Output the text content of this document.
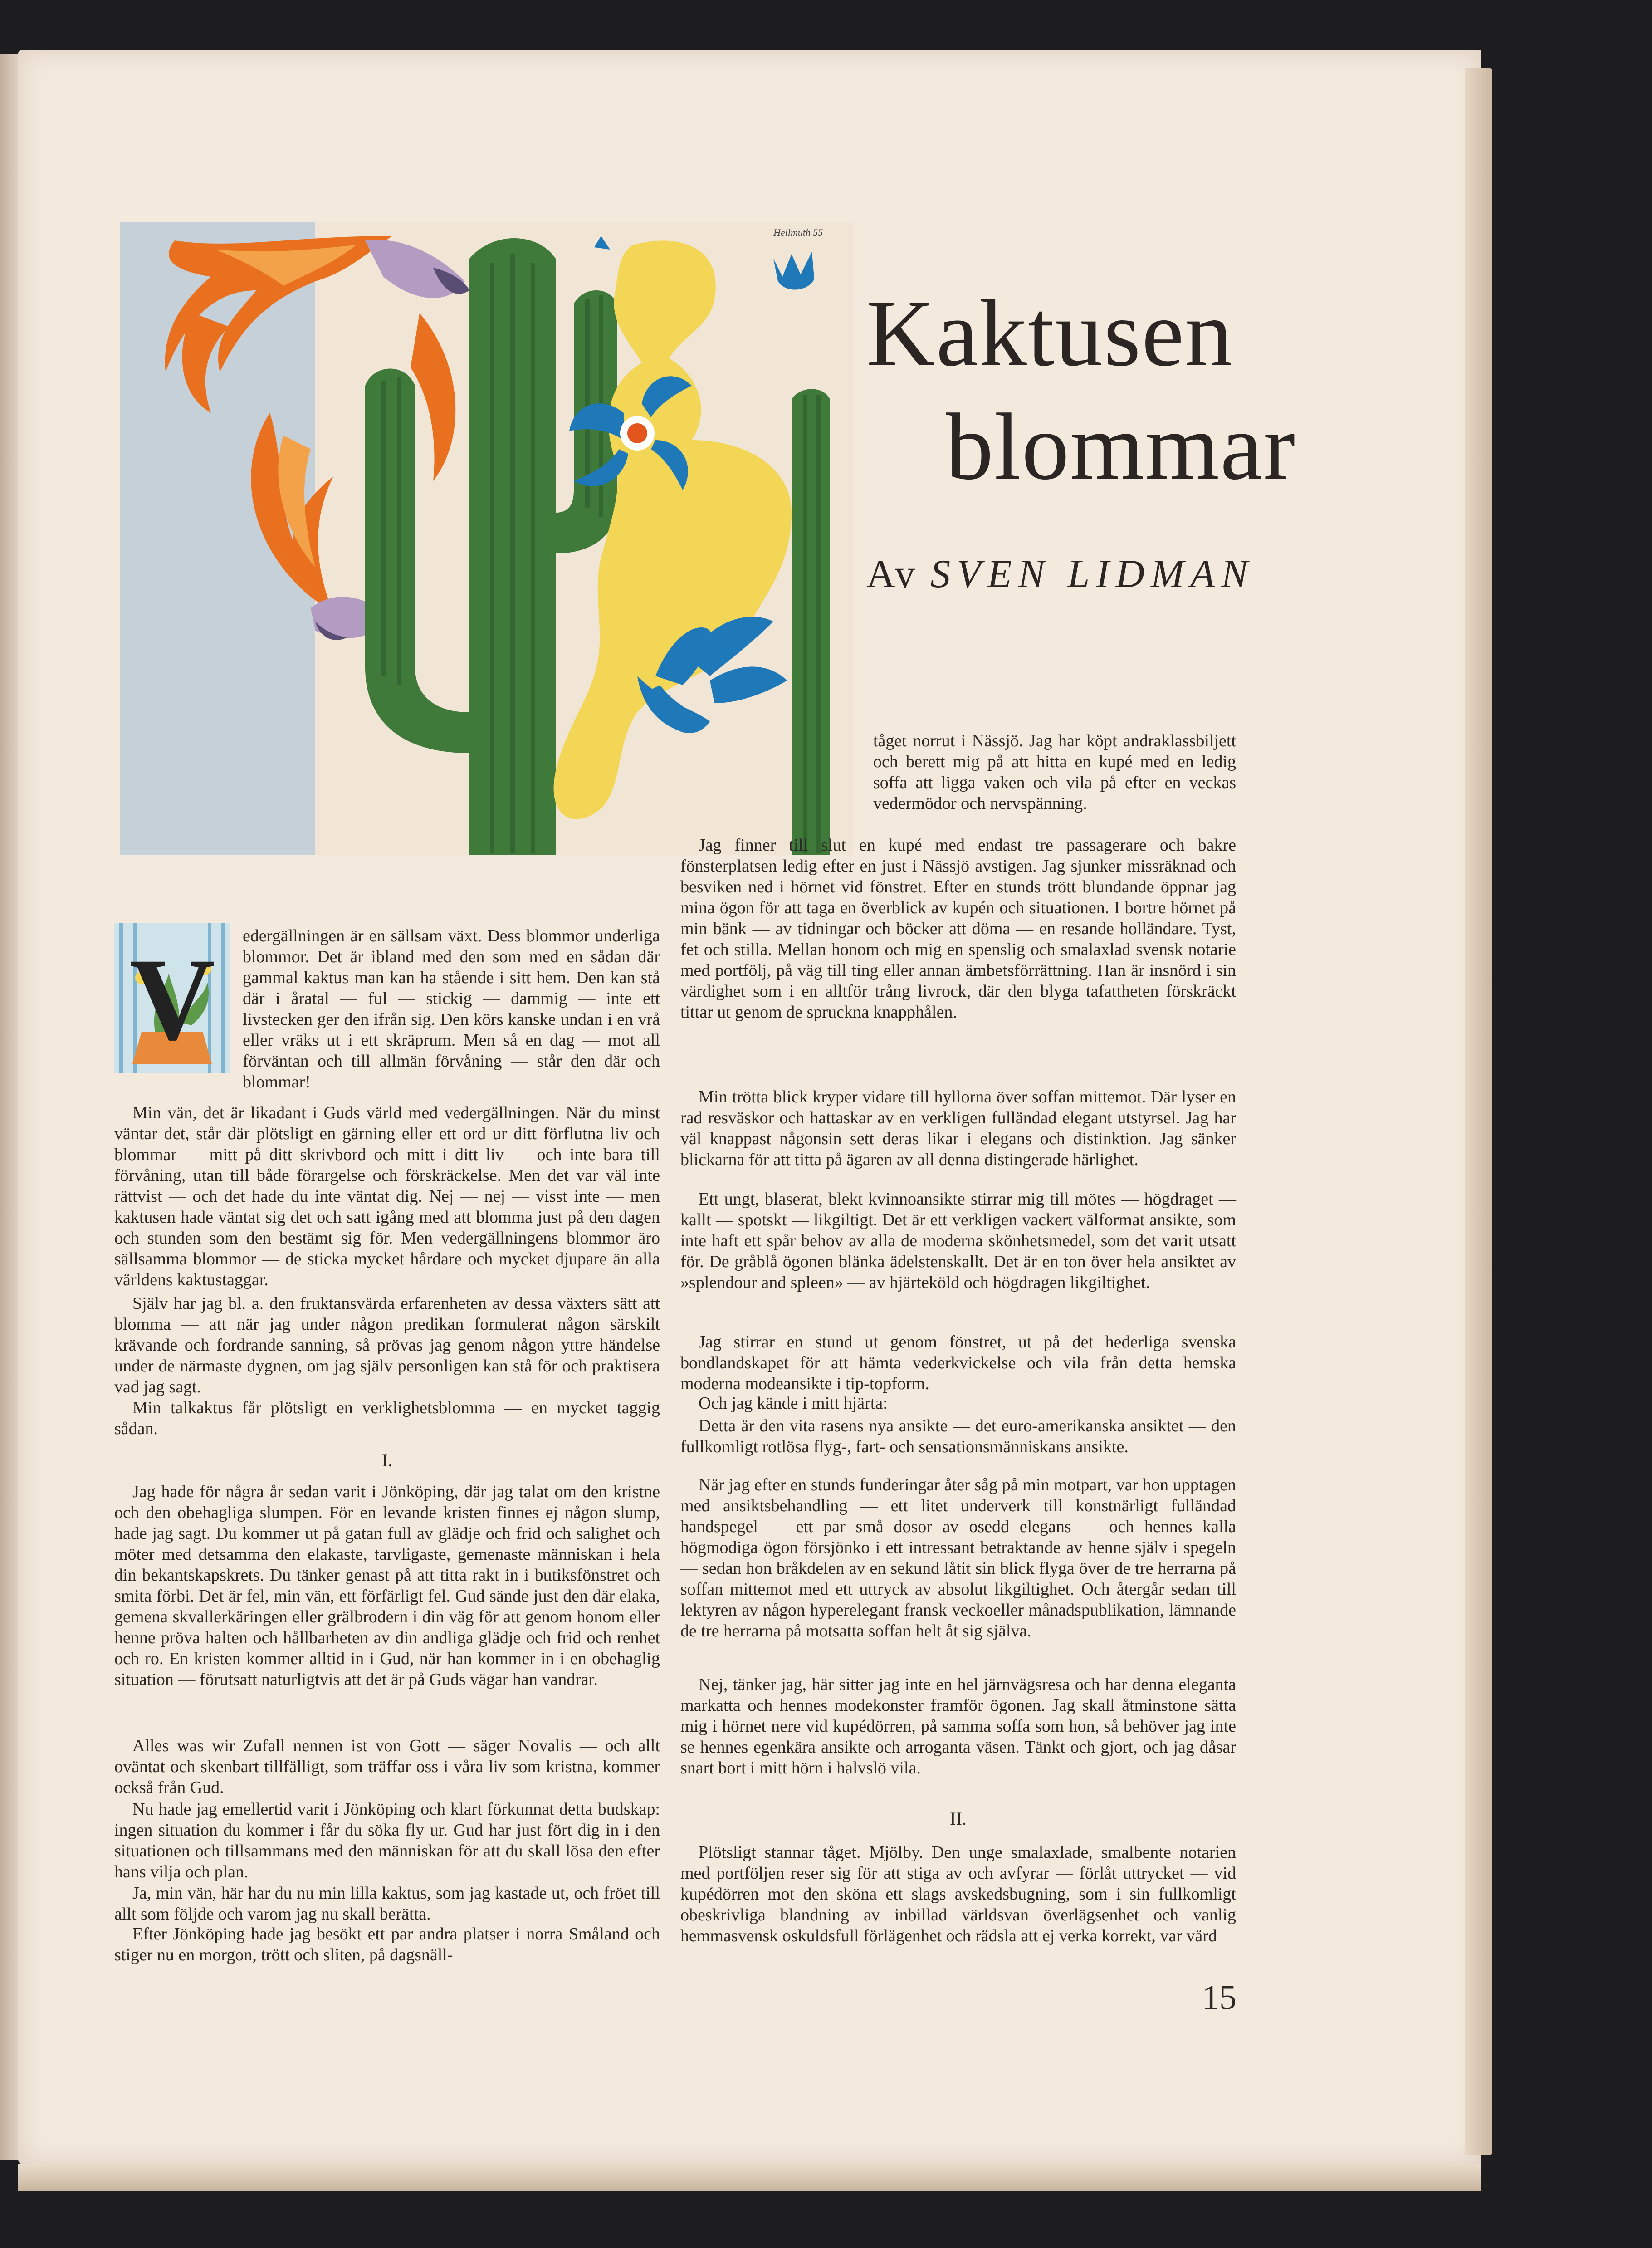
Hellmuth 55
Kaktusen
blommar
Av SVEN LIDMAN
V edergällningen är en sällsam växt. Dess blommor underliga blommor. Det är ibland med den som med en sådan där gammal kaktus man kan ha stående i sitt hem. Den kan stå där i åratal — ful — stickig — dammig — inte ett livstecken ger den ifrån sig. Den körs kanske undan i en vrå eller vräks ut i ett skräprum. Men så en dag — mot all förväntan och till allmän förvåning — står den där och blommar!

Min vän, det är likadant i Guds värld med vedergällningen. När du minst väntar det, står där plötsligt en gärning eller ett ord ur ditt förflutna liv och blommar — mitt på ditt skrivbord och mitt i ditt liv — och inte bara till förvåning, utan till både förargelse och förskräckelse. Men det var väl inte rättvist — och det hade du inte väntat dig. Nej — nej — visst inte — men kaktusen hade väntat sig det och satt igång med att blomma just på den dagen och stunden som den bestämt sig för. Men vedergällningens blommor äro sällsamma blommor — de sticka mycket hårdare och mycket djupare än alla världens kaktustaggar.

Själv har jag bl. a. den fruktansvärda erfarenheten av dessa växters sätt att blomma — att när jag under någon predikan formulerat någon särskilt krävande och fordrande sanning, så prövas jag genom någon yttre händelse under de närmaste dygnen, om jag själv personligen kan stå för och praktisera vad jag sagt.

Min talkaktus får plötsligt en verklighetsblomma — en mycket taggig sådan.

I.

Jag hade för några år sedan varit i Jönköping, där jag talat om den kristne och den obehagliga slumpen. För en levande kristen finnes ej någon slump, hade jag sagt. Du kommer ut på gatan full av glädje och frid och salighet och möter med detsamma den elakaste, tarvligaste, gemenaste människan i hela din bekantskapskrets. Du tänker genast på att titta rakt in i butiksfönstret och smita förbi. Det är fel, min vän, ett förfärligt fel. Gud sände just den där elaka, gemena skvallerkäringen eller grälbrodern i din väg för att genom honom eller henne pröva halten och hållbarheten av din andliga glädje och frid och renhet och ro. En kristen kommer alltid in i Gud, när han kommer in i en obehaglig situation — förutsatt naturligtvis att det är på Guds vägar han vandrar.

Alles was wir Zufall nennen ist von Gott — säger Novalis — och allt oväntat och skenbart tillfälligt, som träffar oss i våra liv som kristna, kommer också från Gud.

Nu hade jag emellertid varit i Jönköping och klart förkunnat detta budskap: ingen situation du kommer i får du söka fly ur. Gud har just fört dig in i den situationen och tillsammans med den människan för att du skall lösa den efter hans vilja och plan.

Ja, min vän, här har du nu min lilla kaktus, som jag kastade ut, och fröet till allt som följde och varom jag nu skall berätta.

Efter Jönköping hade jag besökt ett par andra platser i norra Småland och stiger nu en morgon, trött och sliten, på dagsnäll-

tåget norrut i Nässjö. Jag har köpt andraklassbiljett och berett mig på att hitta en kupé med en ledig soffa att ligga vaken och vila på efter en veckas vedermödor och nervspänning.

Jag finner till slut en kupé med endast tre passagerare och bakre fönsterplatsen ledig efter en just i Nässjö avstigen. Jag sjunker missräknad och besviken ned i hörnet vid fönstret. Efter en stunds trött blundande öppnar jag mina ögon för att taga en överblick av kupén och situationen. I bortre hörnet på min bänk — av tidningar och böcker att döma — en resande holländare. Tyst, fet och stilla. Mellan honom och mig en spenslig och smalaxlad svensk notarie med portfölj, på väg till ting eller annan ämbetsförrättning. Han är insnörd i sin värdighet som i en alltför trång livrock, där den blyga tafattheten förskräckt tittar ut genom de spruckna knapphålen.

Min trötta blick kryper vidare till hyllorna över soffan mittemot. Där lyser en rad resväskor och hattaskar av en verkligen fulländad elegant utstyrsel. Jag har väl knappast någonsin sett deras likar i elegans och distinktion. Jag sänker blickarna för att titta på ägaren av all denna distingerade härlighet.

Ett ungt, blaserat, blekt kvinnoansikte stirrar mig till mötes — högdraget — kallt — spotskt — likgiltigt. Det är ett verkligen vackert välformat ansikte, som inte haft ett spår behov av alla de moderna skönhetsmedel, som det varit utsatt för. De gråblå ögonen blänka ädelstenskallt. Det är en ton över hela ansiktet av »splendour and spleen» — av hjärteköld och högdragen likgiltighet.

Jag stirrar en stund ut genom fönstret, ut på det hederliga svenska bondlandskapet för att hämta vederkvickelse och vila från detta hemska moderna modeansikte i tip-topform.

Och jag kände i mitt hjärta:

Detta är den vita rasens nya ansikte — det euro-amerikanska ansiktet — den fullkomligt rotlösa flyg-, fart- och sensationsmänniskans ansikte.

När jag efter en stunds funderingar åter såg på min motpart, var hon upptagen med ansiktsbehandling — ett litet underverk till konstnärligt fulländad handspegel — ett par små dosor av osedd elegans — och hennes kalla högmodiga ögon försjönko i ett intressant betraktande av henne själv i spegeln — sedan hon bråkdelen av en sekund låtit sin blick flyga över de tre herrarna på soffan mittemot med ett uttryck av absolut likgiltighet. Och återgår sedan till lektyren av någon hyperelegant fransk veckoeller månadspublikation, lämnande de tre herrarna på motsatta soffan helt åt sig själva.

Nej, tänker jag, här sitter jag inte en hel järnvägsresa och har denna eleganta markatta och hennes modekonster framför ögonen. Jag skall åtminstone sätta mig i hörnet nere vid kupédörren, på samma soffa som hon, så behöver jag inte se hennes egenkära ansikte och arroganta väsen. Tänkt och gjort, och jag dåsar snart bort i mitt hörn i halvslö vila.

II.

Plötsligt stannar tåget. Mjölby. Den unge smalaxlade, smalbente notarien med portföljen reser sig för att stiga av och avfyrar — förlåt uttrycket — vid kupédörren mot den sköna ett slags avskedsbugning, som i sin fullkomligt obeskrivliga blandning av inbillad världsvan överlägsenhet och vanlig hemmasvensk oskuldsfull förlägenhet och rädsla att ej verka korrekt, var värd

15
